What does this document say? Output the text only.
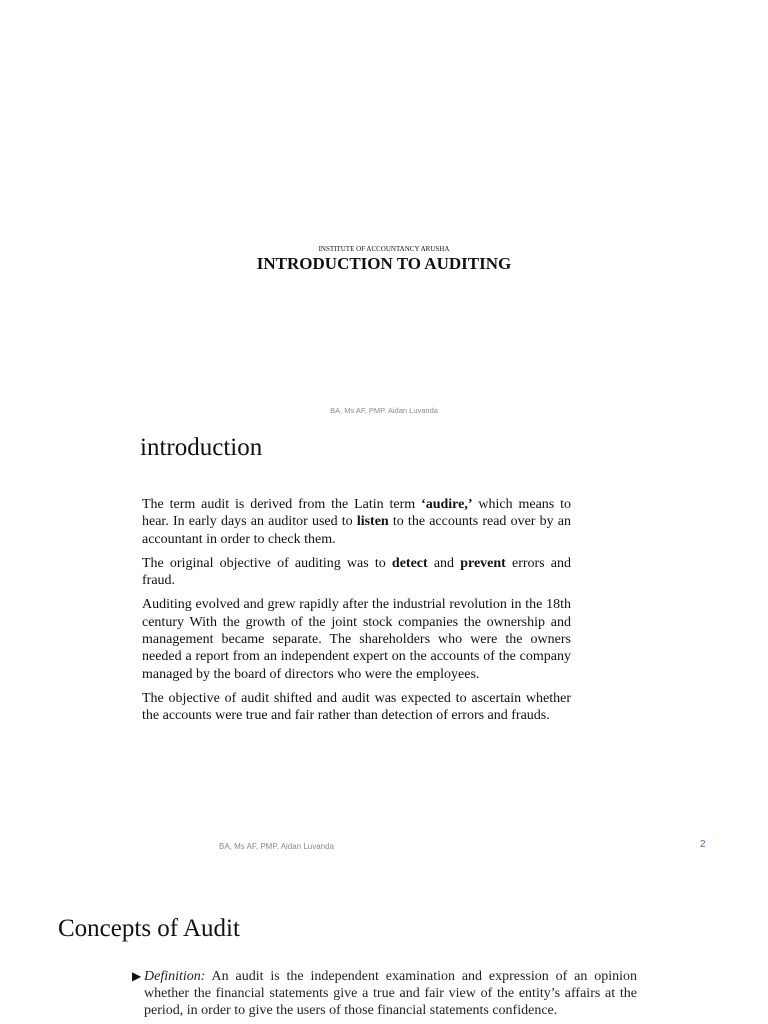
INSTITUTE OF ACCOUNTANCY ARUSHA
INTRODUCTION TO AUDITING
BA, Ms AF, PMP. Aidan Luvanda
introduction

The term audit is derived from the Latin term ‘audire,’ which means to hear. In early days an auditor used to listen to the accounts read over by an accountant in order to check them.

The original objective of auditing was to detect and prevent errors and fraud.

Auditing evolved and grew rapidly after the industrial revolution in the 18th century With the growth of the joint stock companies the ownership and management became separate. The shareholders who were the owners needed a report from an independent expert on the accounts of the company managed by the board of directors who were the employees.

The objective of audit shifted and audit was expected to ascertain whether the accounts were true and fair rather than detection of errors and frauds.

BA, Ms AF, PMP. Aidan Luvanda	2
Concepts of Audit
▶ Definition: An audit is the independent examination and expression of an opinion whether the financial statements give a true and fair view of the entity’s affairs at the period, in order to give the users of those financial statements confidence.
